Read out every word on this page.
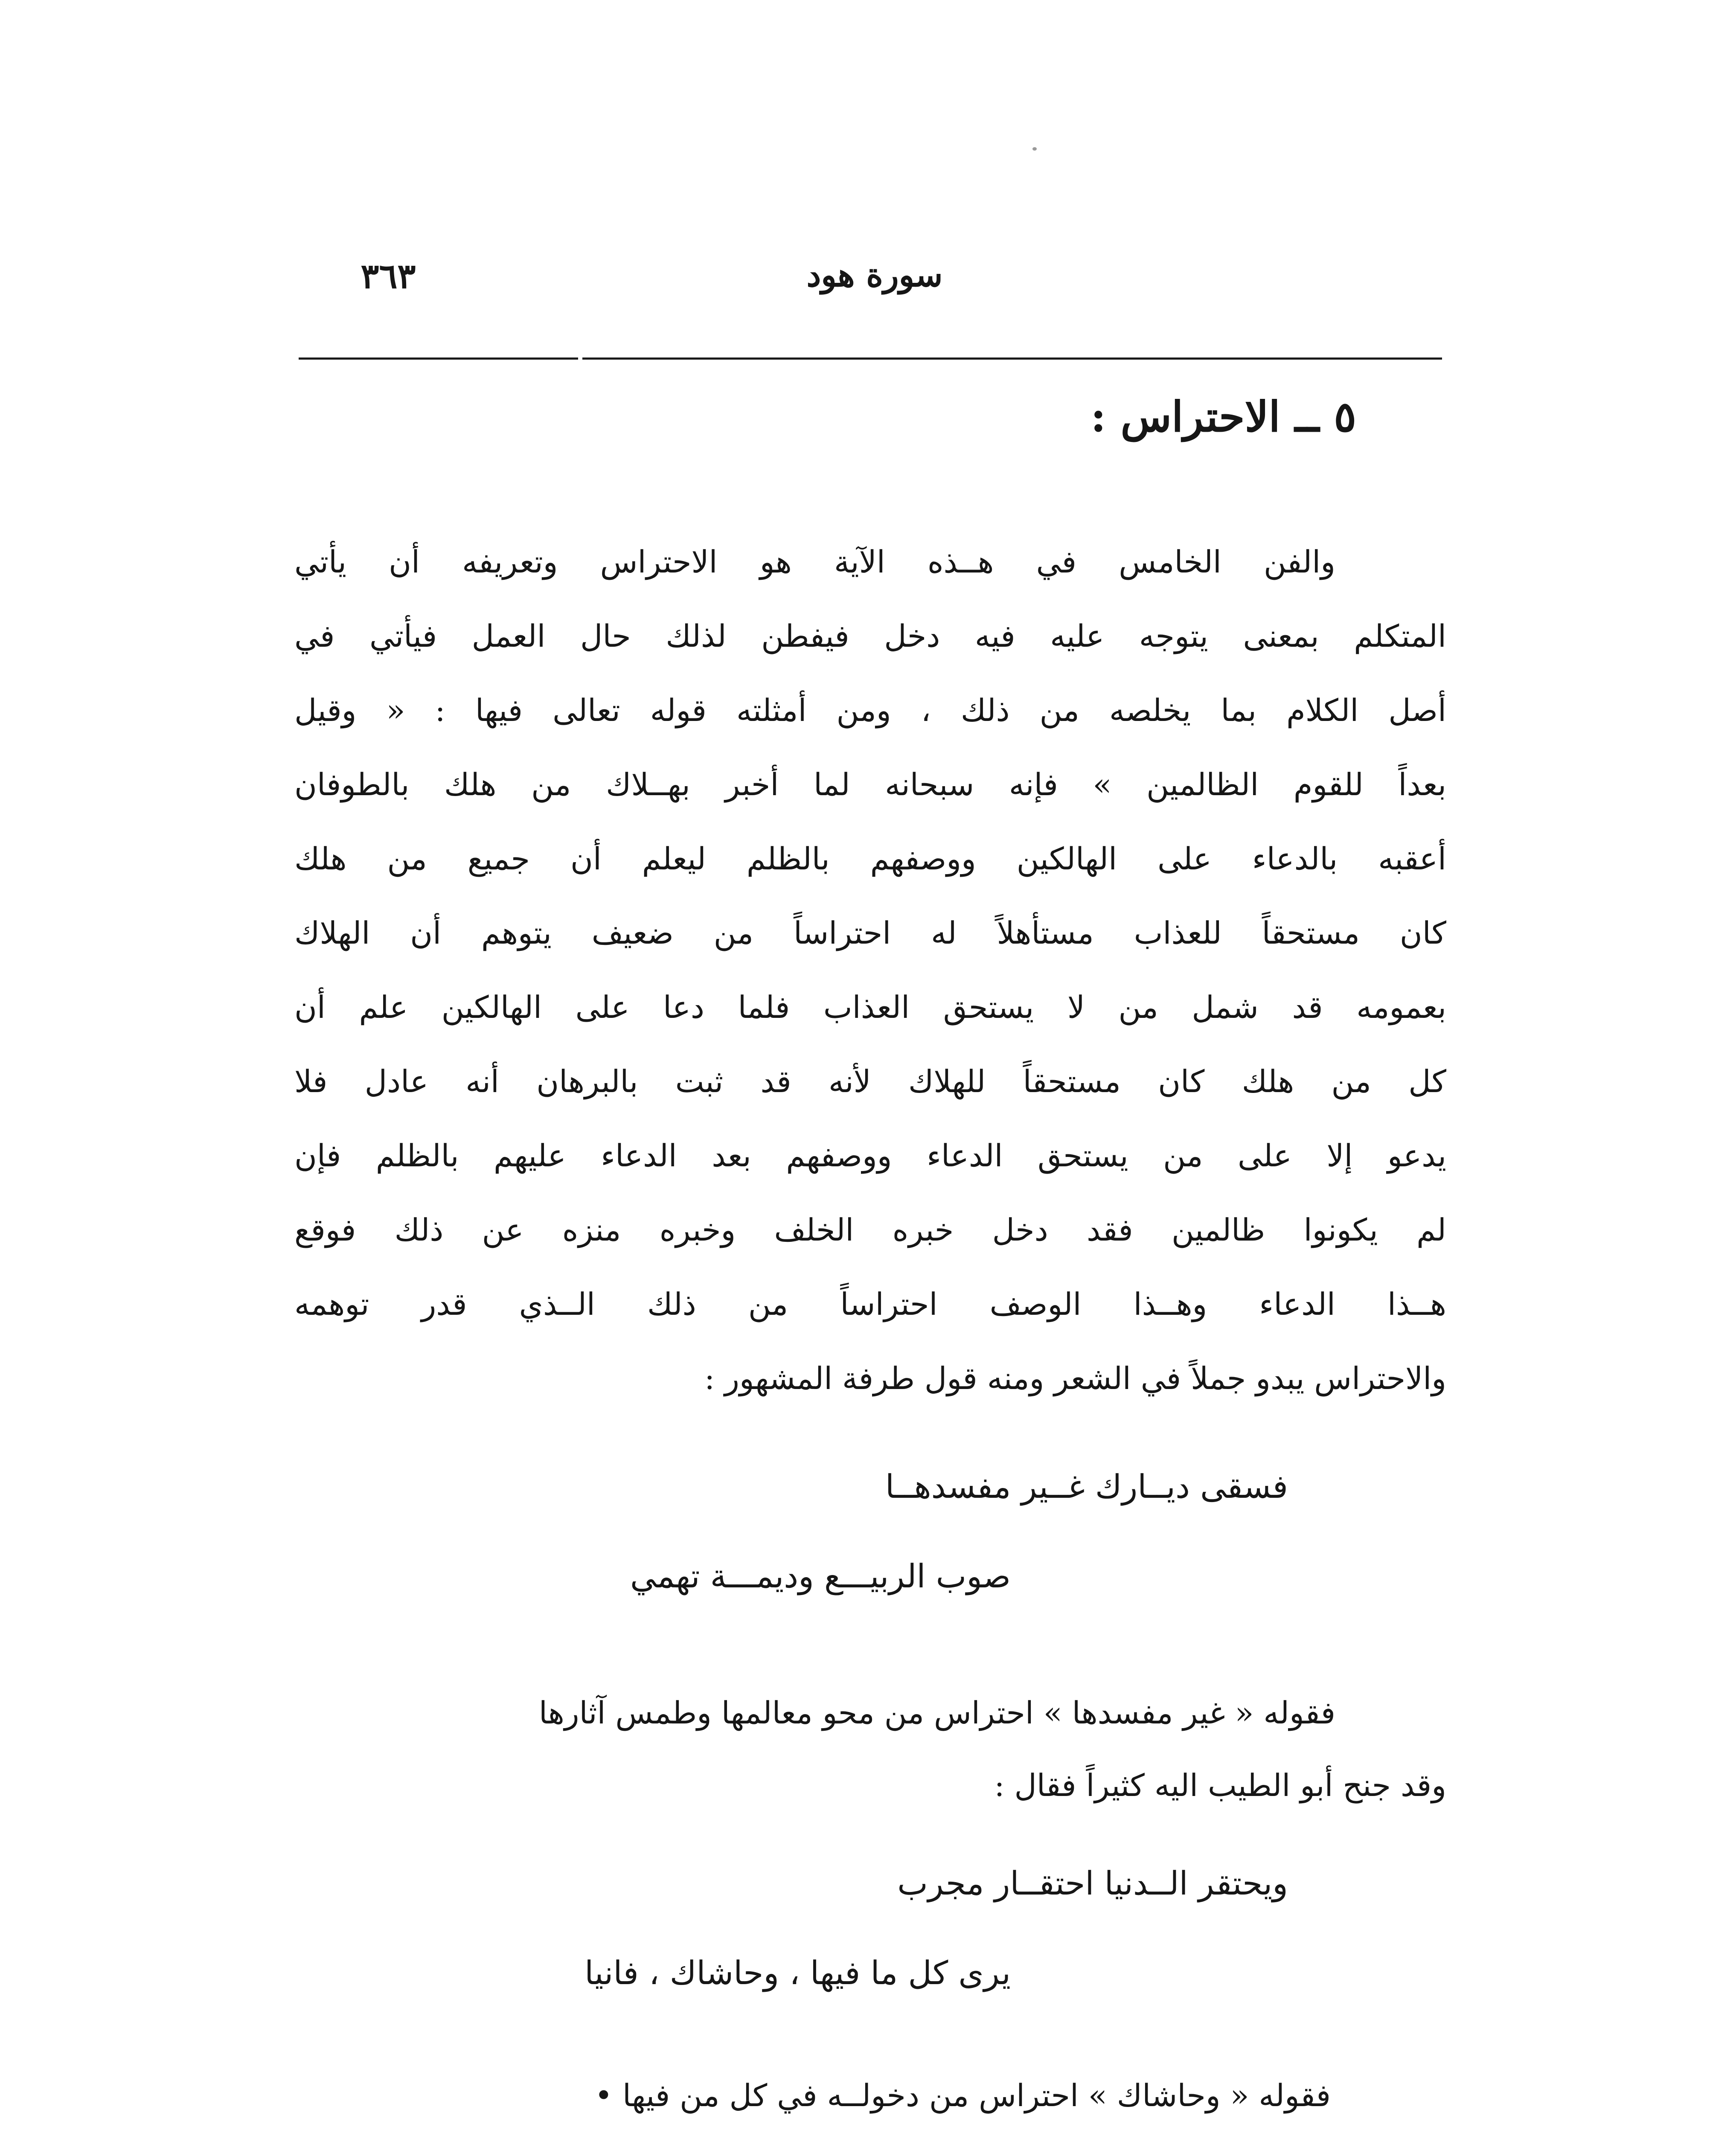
سورة هود
٣٦٣
٥ ــ الاحتراس :
والفن الخامس في هــذه الآية هو الاحتراس وتعريفه أن يأتي
المتكلم بمعنى يتوجه عليه فيه دخل فيفطن لذلك حال العمل فيأتي في
أصل الكلام بما يخلصه من ذلك ، ومن أمثلته قوله تعالى فيها : « وقيل
بعداً للقوم الظالمين » فإنه سبحانه لما أخبر بهــلاك من هلك بالطوفان
أعقبه بالدعاء على الهالكين ووصفهم بالظلم ليعلم أن جميع من هلك
كان مستحقاً للعذاب مستأهلاً له احتراساً من ضعيف يتوهم أن الهلاك
بعمومه قد شمل من لا يستحق العذاب فلما دعا على الهالكين علم أن
كل من هلك كان مستحقاً للهلاك لأنه قد ثبت بالبرهان أنه عادل فلا
يدعو إلا على من يستحق الدعاء ووصفهم بعد الدعاء عليهم بالظلم فإن
لم يكونوا ظالمين فقد دخل خبره الخلف وخبره منزه عن ذلك فوقع
هــذا الدعاء وهــذا الوصف احتراساً من ذلك الــذي قدر توهمه
والاحتراس يبدو جملاً في الشعر ومنه قول طرفة المشهور :
فسقى ديــارك غــير مفسدهــا
صوب الربيـــع وديمـــة تهمي
فقوله « غير مفسدها » احتراس من محو معالمها وطمس آثارها
وقد جنح أبو الطيب اليه كثيراً فقال :
ويحتقر الــدنيا احتقــار مجرب
يرى كل ما فيها ، وحاشاك ، فانيا
فقوله « وحاشاك » احتراس من دخولــه في كل من فيها •
